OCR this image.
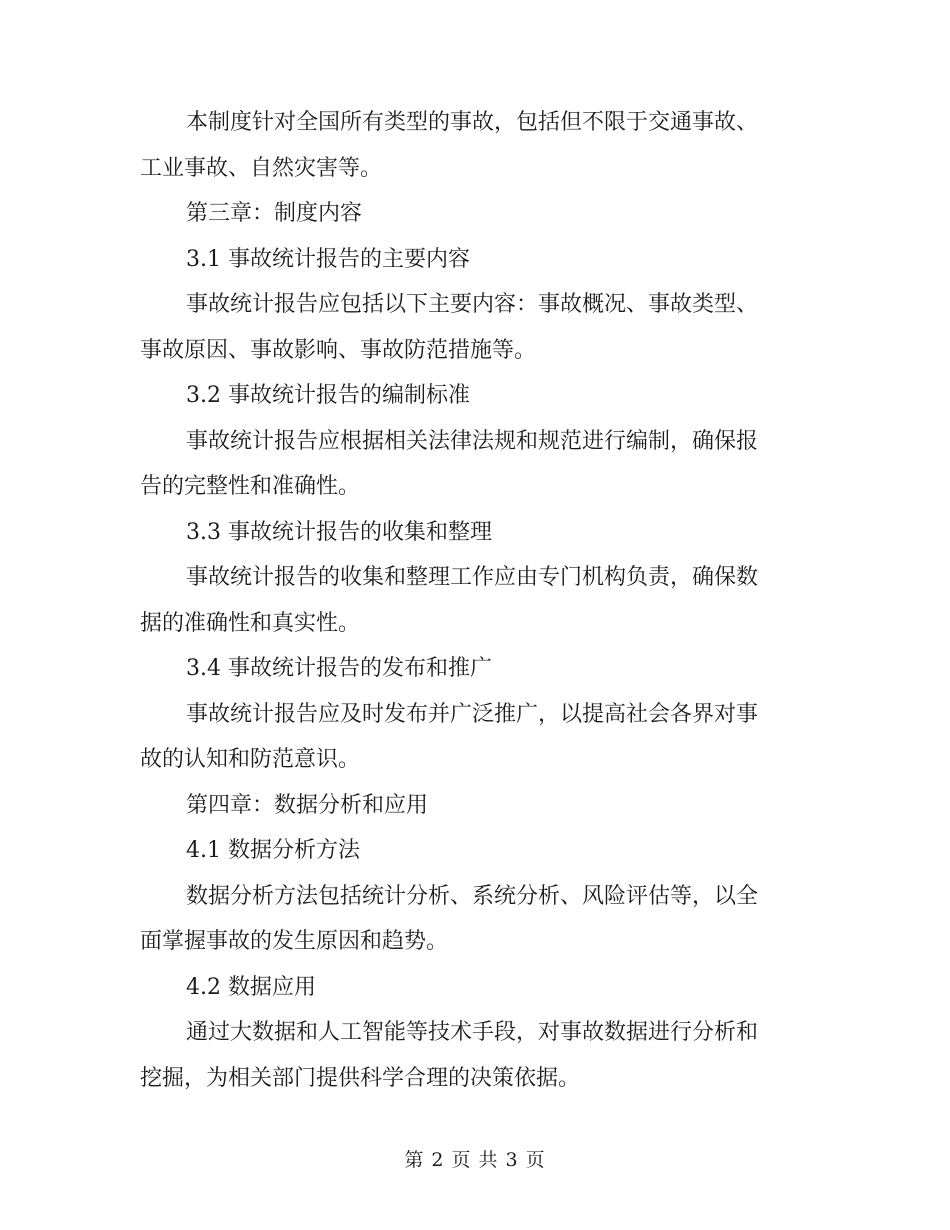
本制度针对全国所有类型的事故，包括但不限于交通事故、
工业事故、自然灾害等。
第三章：制度内容
3.1 事故统计报告的主要内容
事故统计报告应包括以下主要内容：事故概况、事故类型、
事故原因、事故影响、事故防范措施等。
3.2 事故统计报告的编制标准
事故统计报告应根据相关法律法规和规范进行编制，确保报
告的完整性和准确性。
3.3 事故统计报告的收集和整理
事故统计报告的收集和整理工作应由专门机构负责，确保数
据的准确性和真实性。
3.4 事故统计报告的发布和推广
事故统计报告应及时发布并广泛推广，以提高社会各界对事
故的认知和防范意识。
第四章：数据分析和应用
4.1 数据分析方法
数据分析方法包括统计分析、系统分析、风险评估等，以全
面掌握事故的发生原因和趋势。
4.2 数据应用
通过大数据和人工智能等技术手段，对事故数据进行分析和
挖掘，为相关部门提供科学合理的决策依据。
第 2 页 共 3 页
